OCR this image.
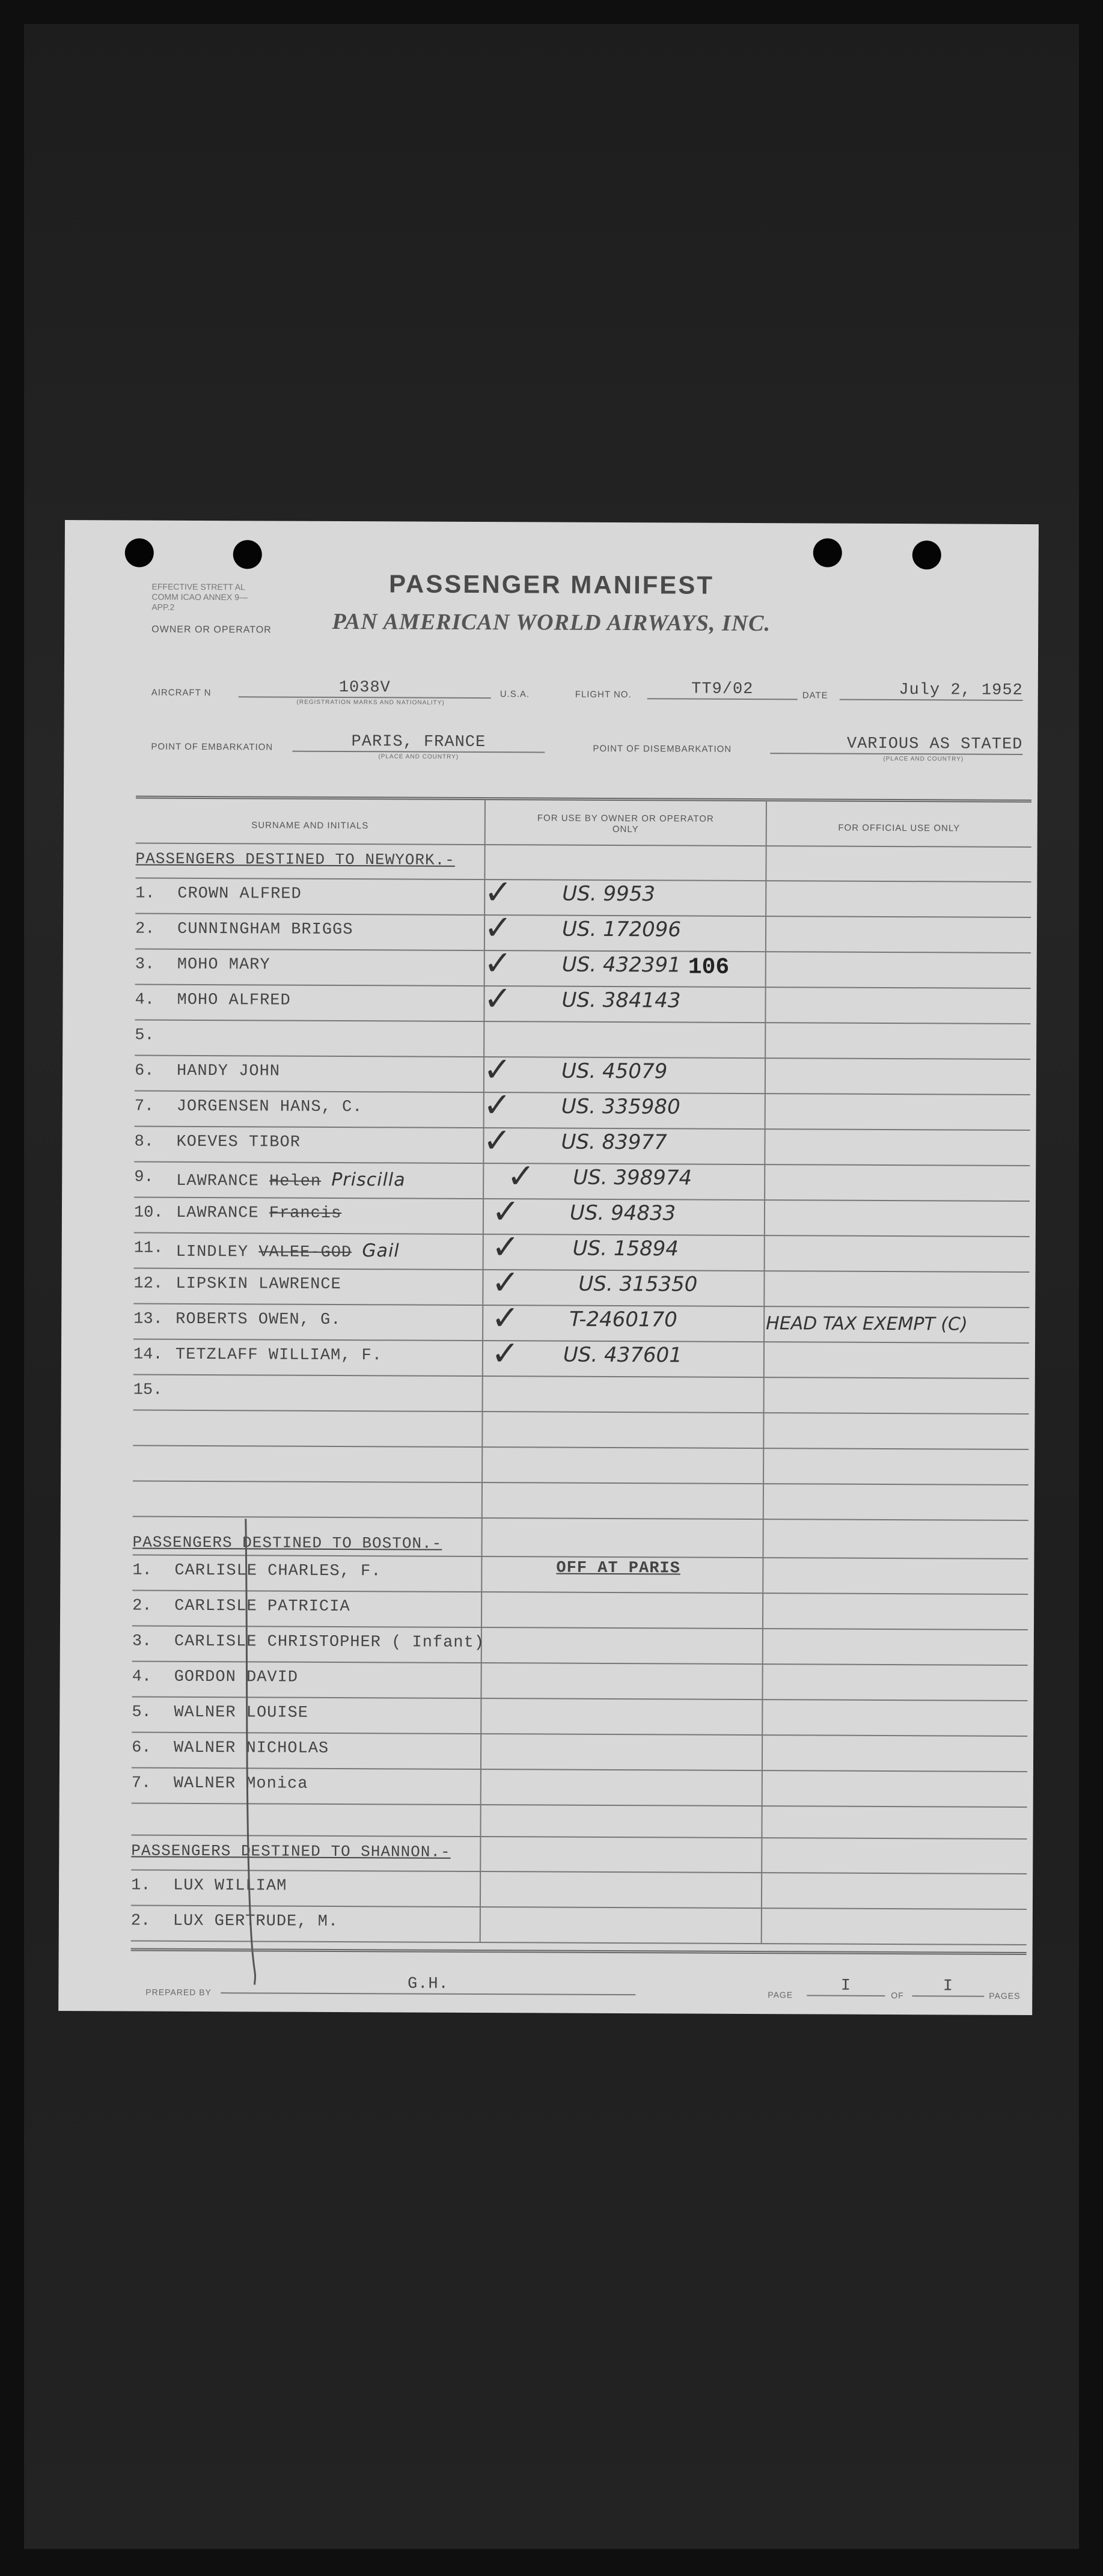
EFFECTIVE STRETT AL COMM ICAO ANNEX 9—APP.2
OWNER OR OPERATOR
PASSENGER MANIFEST
PAN AMERICAN WORLD AIRWAYS, INC.
AIRCRAFT N	1038V
(REGISTRATION MARKS AND NATIONALITY)
U.S.A.	FLIGHT NO.	TT9/02	DATE	July 2, 1952
POINT OF EMBARKATION	PARIS, FRANCE
(PLACE AND COUNTRY)
POINT OF DISEMBARKATION	VARIOUS AS STATED
(PLACE AND COUNTRY)
SURNAME AND INITIALS
FOR USE BY OWNER OR OPERATOR ONLY	FOR OFFICIAL USE ONLY
PASSENGERS DESTINED TO NEWYORK.-
1.	CROWN ALFRED	✓ US. 9953
2.	CUNNINGHAM BRIGGS	✓ US. 172096
3.	MOHO MARY	✓ US. 432391 106
4.	MOHO ALFRED	✓ US. 384143
5.
6.	HANDY JOHN	✓ US. 45079
7.	JORGENSEN HANS, C.	✓ US. 335980
8.	KOEVES TIBOR	✓ US. 83977
9.	LAWRANCE Helen Priscilla	✓ US. 398974
10. LAWRANCE Francis	✓ US. 94833
11. LINDLEY VALEE-GOD Gail	✓	US. 15894
12. LIPSKIN LAWRENCE	✓	US. 315350
13. ROBERTS OWEN, G.	✓ T-2460170	HEAD TAX EXEMPT (C)
14. TETZLAFF WILLIAM, F.	✓ US. 437601
15.
PASSENGERS DESTINED TO BOSTON.-
OFF AT PARIS
1.	CARLISLE CHARLES, F.
2.	CARLISLE PATRICIA
3.	CARLISLE CHRISTOPHER ( Infant)
4.	GORDON DAVID
5.	WALNER LOUISE
6.	WALNER NICHOLAS
7.	WALNER Monica
PASSENGERS DESTINED TO SHANNON.-
1.	LUX WILLIAM
2.	LUX GERTRUDE, M.
PREPARED BY	G.H.
PAGE	I
OF	I
PAGES
